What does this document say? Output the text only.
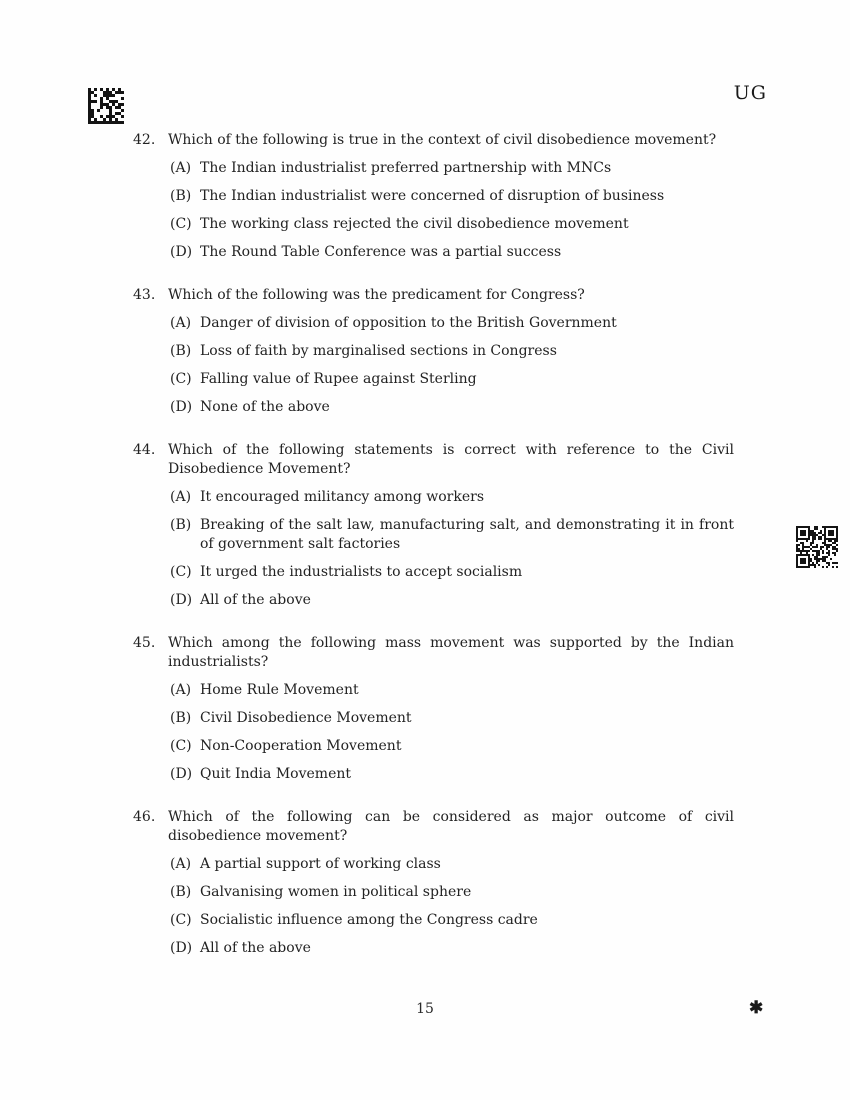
UG
42. Which of the following is true in the context of civil disobedience movement?
(A) The Indian industrialist preferred partnership with MNCs
(B) The Indian industrialist were concerned of disruption of business
(C) The working class rejected the civil disobedience movement
(D) The Round Table Conference was a partial success
43. Which of the following was the predicament for Congress?
(A) Danger of division of opposition to the British Government
(B) Loss of faith by marginalised sections in Congress
(C) Falling value of Rupee against Sterling
(D) None of the above
44. Which of the following statements is correct with reference to the Civil Disobedience Movement?
(A) It encouraged militancy among workers
(B) Breaking of the salt law, manufacturing salt, and demonstrating it in front of government salt factories
(C) It urged the industrialists to accept socialism
(D) All of the above
45. Which among the following mass movement was supported by the Indian industrialists?
(A) Home Rule Movement
(B) Civil Disobedience Movement
(C) Non-Cooperation Movement
(D) Quit India Movement
46. Which of the following can be considered as major outcome of civil disobedience movement?
(A) A partial support of working class
(B) Galvanising women in political sphere
(C) Socialistic influence among the Congress cadre
(D) All of the above
15	✱
